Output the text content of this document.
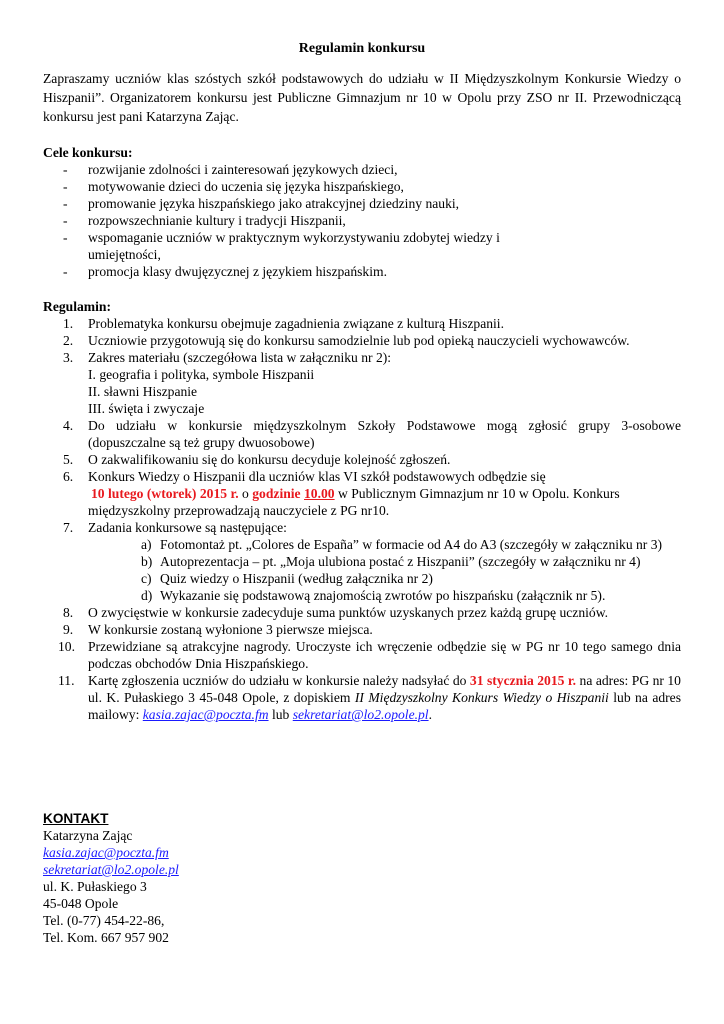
Regulamin konkursu

Zapraszamy uczniów klas szóstych szkół podstawowych do udziału w II Międzyszkolnym Konkursie Wiedzy o Hiszpanii”. Organizatorem konkursu jest Publiczne Gimnazjum nr 10 w Opolu przy ZSO nr II. Przewodniczącą konkursu jest pani Katarzyna Zając.

Cele konkursu:
- rozwijanie zdolności i zainteresowań językowych dzieci,
- motywowanie dzieci do uczenia się języka hiszpańskiego,
- promowanie języka hiszpańskiego jako atrakcyjnej dziedziny nauki,
- rozpowszechnianie kultury i tradycji Hiszpanii,
- wspomaganie uczniów w praktycznym wykorzystywaniu zdobytej wiedzy i umiejętności,
- promocja klasy dwujęzycznej z językiem hiszpańskim.
Regulamin:
1.	Problematyka konkursu obejmuje zagadnienia związane z kulturą Hiszpanii.
2.	Uczniowie przygotowują się do konkursu samodzielnie lub pod opieką nauczycieli wychowawców.
3.	Zakres materiału (szczegółowa lista w załączniku nr 2):
I. geografia i polityka, symbole Hiszpanii
II. sławni Hiszpanie
III. święta i zwyczaje
4.	Do udziału w konkursie międzyszkolnym Szkoły Podstawowe mogą zgłosić grupy 3-osobowe (dopuszczalne są też grupy dwuosobowe)
5.	O zakwalifikowaniu się do konkursu decyduje kolejność zgłoszeń.
6.	Konkurs Wiedzy o Hiszpanii dla uczniów klas VI szkół podstawowych odbędzie się
10 lutego (wtorek) 2015 r. o godzinie 10.00 w Publicznym Gimnazjum nr 10 w Opolu. Konkurs międzyszkolny przeprowadzają nauczyciele z PG nr10.
7.	Zadania konkursowe są następujące:
a) Fotomontaż pt. „Colores de España” w formacie od A4 do A3 (szczegóły w załączniku nr 3)
b) Autoprezentacja – pt. „Moja ulubiona postać z Hiszpanii” (szczegóły w załączniku nr 4)
c) Quiz wiedzy o Hiszpanii (według załącznika nr 2)
d) Wykazanie się podstawową znajomością zwrotów po hiszpańsku (załącznik nr 5).
8.	O zwycięstwie w konkursie zadecyduje suma punktów uzyskanych przez każdą grupę uczniów.
9.	W konkursie zostaną wyłonione 3 pierwsze miejsca.
10. Przewidziane są atrakcyjne nagrody. Uroczyste ich wręczenie odbędzie się w PG nr 10 tego samego dnia podczas obchodów Dnia Hiszpańskiego.
11. Kartę zgłoszenia uczniów do udziału w konkursie należy nadsyłać do 31 stycznia 2015 r. na adres: PG nr 10 ul. K. Pułaskiego 3 45-048 Opole, z dopiskiem II Międzyszkolny Konkurs Wiedzy o Hiszpanii lub na adres mailowy: kasia.zajac@poczta.fm lub sekretariat@lo2.opole.pl.
KONTAKT
Katarzyna Zając
kasia.zajac@poczta.fm
sekretariat@lo2.opole.pl
ul. K. Pułaskiego 3
45-048 Opole
Tel. (0-77) 454-22-86,
Tel. Kom. 667 957 902
